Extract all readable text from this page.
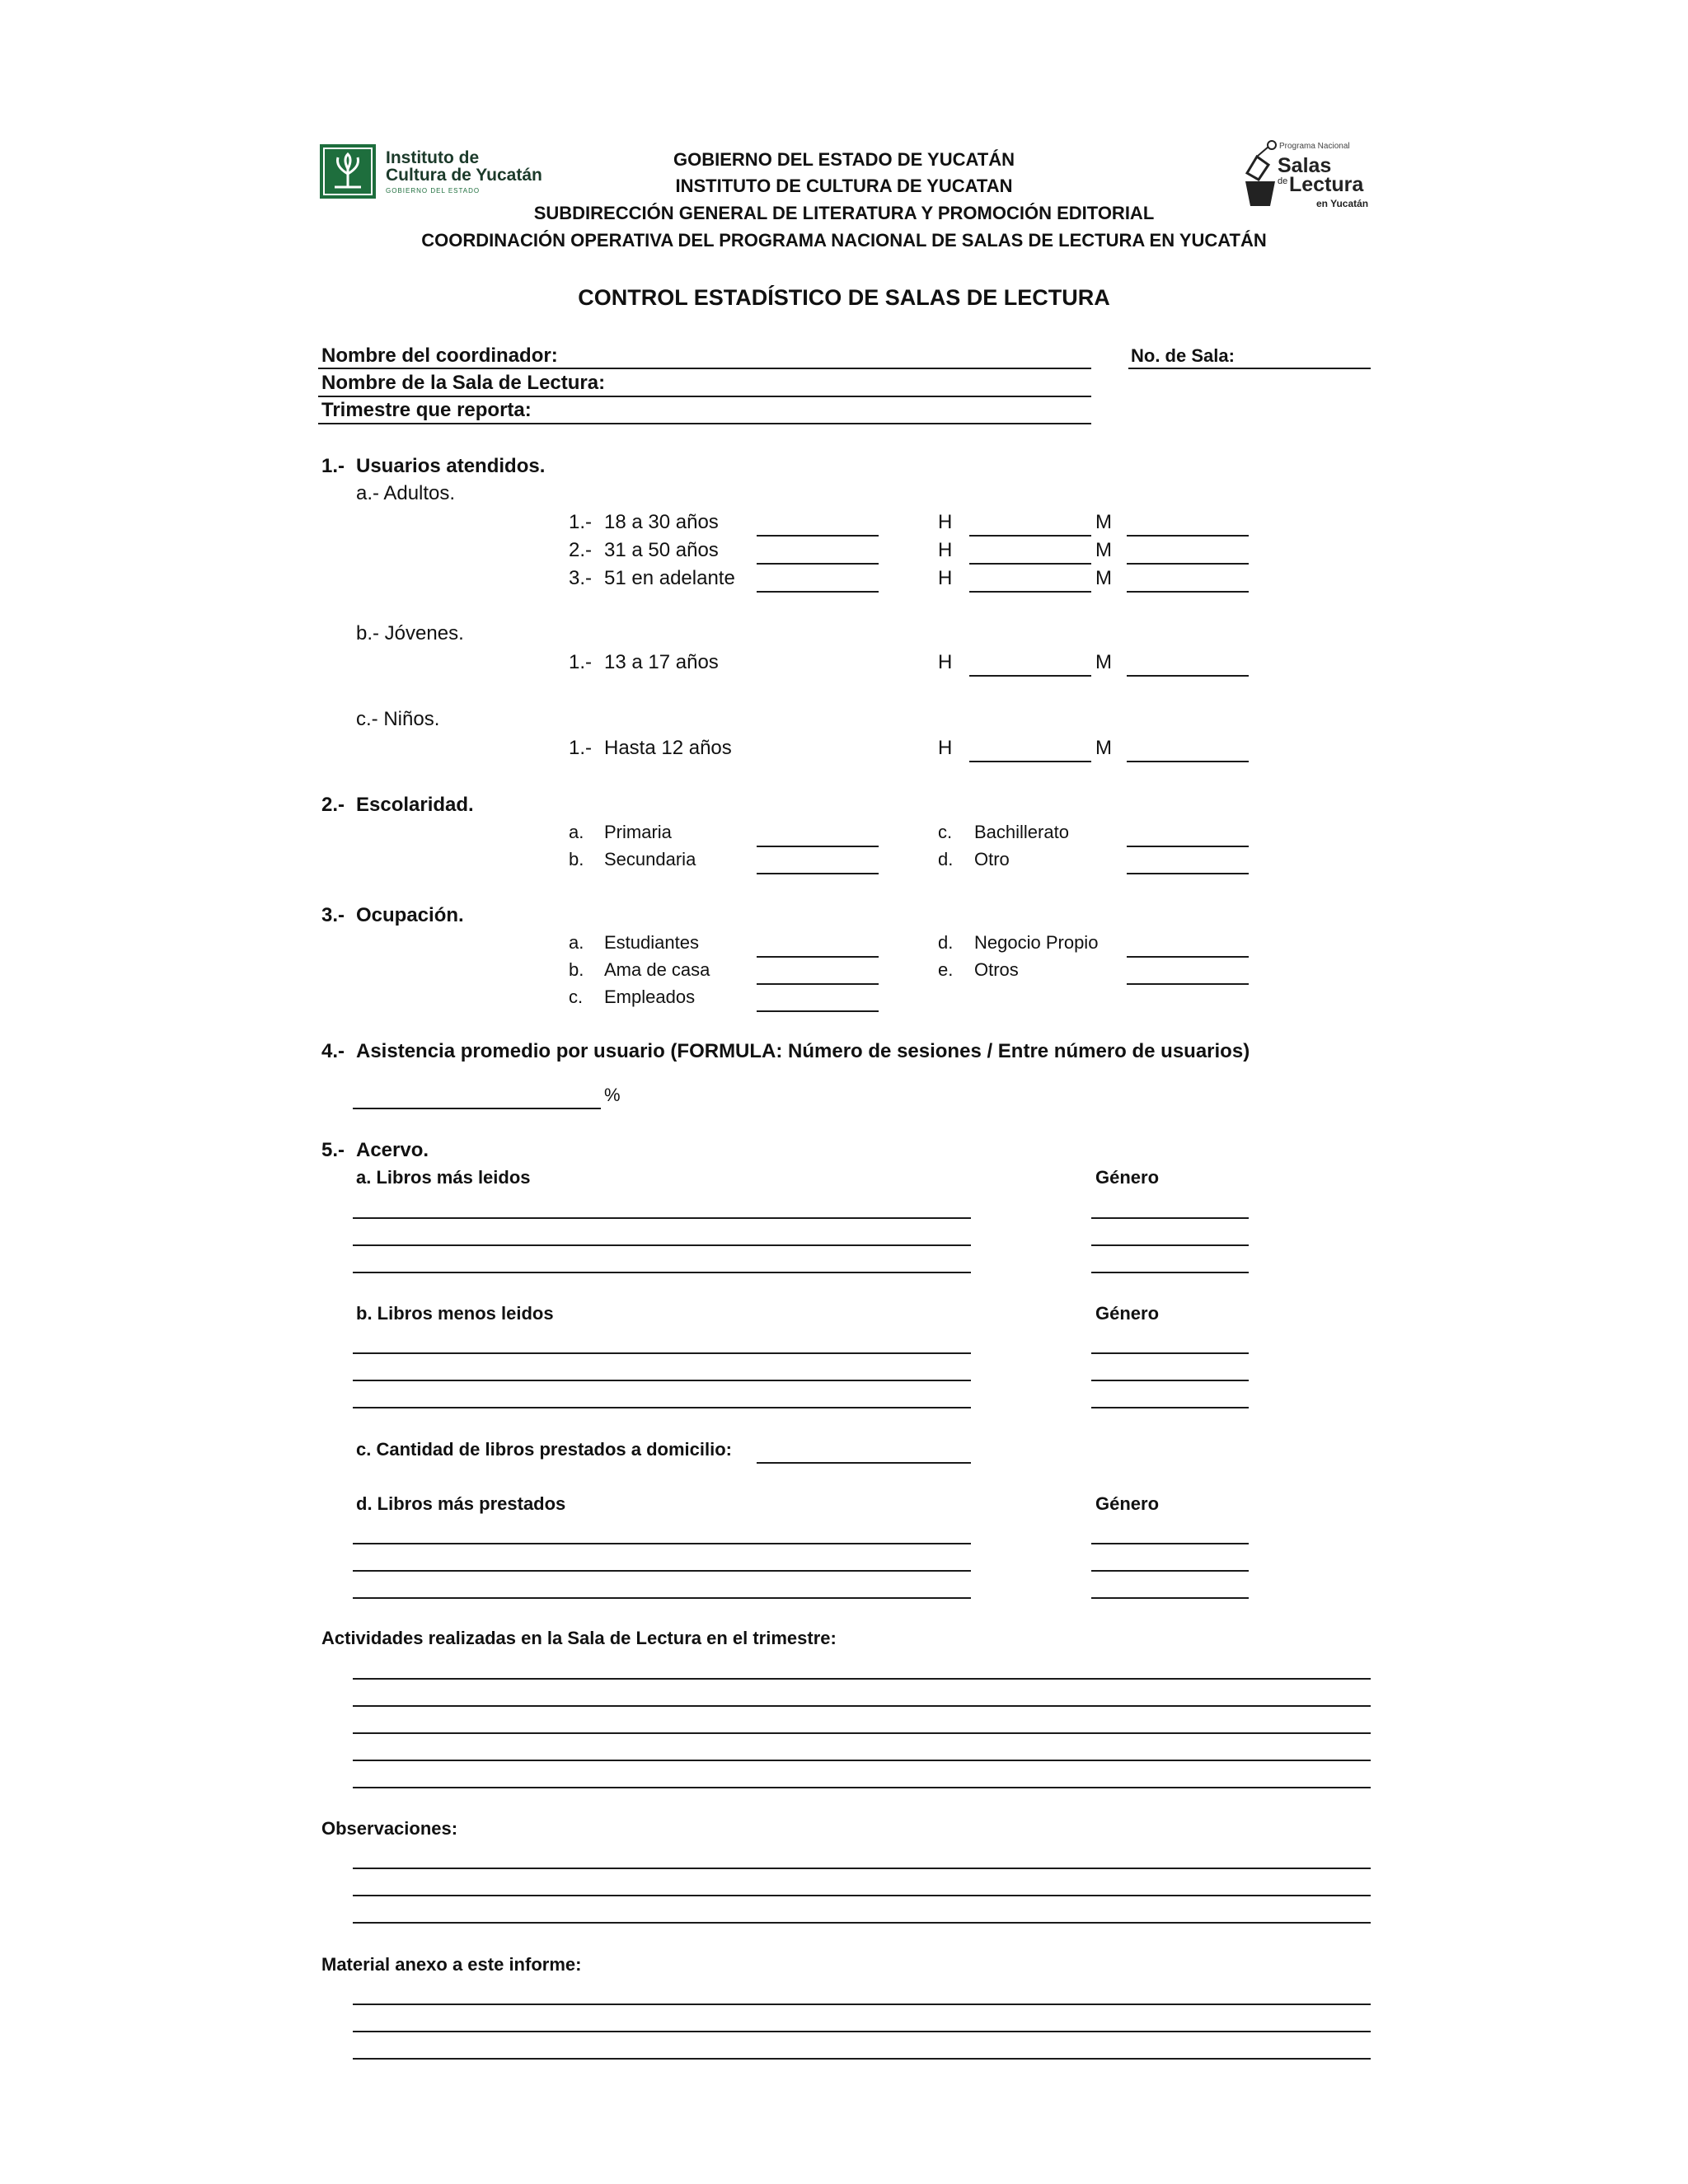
Instituto de
Cultura de Yucatán
GOBIERNO DEL ESTADO
Programa Nacional
Salas
de Lectura
en Yucatán
GOBIERNO DEL ESTADO DE YUCATÁN
INSTITUTO DE CULTURA DE YUCATAN
SUBDIRECCIÓN GENERAL DE LITERATURA Y PROMOCIÓN EDITORIAL
COORDINACIÓN OPERATIVA DEL PROGRAMA NACIONAL DE SALAS DE LECTURA EN YUCATÁN
CONTROL ESTADÍSTICO DE SALAS DE LECTURA
Nombre del coordinador:	No. de Sala:
Nombre de la Sala de Lectura:
Trimestre que reporta:
1.- Usuarios atendidos.
a.- Adultos.
1.- 18 a 30 años	H	M
2.- 31 a 50 años	H	M
3.- 51 en adelante	H	M
b.- Jóvenes.
1.- 13 a 17 años	H	M
c.- Niños.
1.- Hasta 12 años	H	M
2.- Escolaridad.
a. Primaria	c. Bachillerato
b. Secundaria	d. Otro
3.- Ocupación.
a. Estudiantes	d. Negocio Propio
b. Ama de casa	e. Otros
c. Empleados
4.- Asistencia promedio por usuario (FORMULA: Número de sesiones / Entre número de usuarios)
%
5.- Acervo.
a. Libros más leidos	Género
b. Libros menos leidos	Género
c. Cantidad de libros prestados a domicilio:
d. Libros más prestados	Género
Actividades realizadas en la Sala de Lectura en el trimestre:
Observaciones:
Material anexo a este informe:
